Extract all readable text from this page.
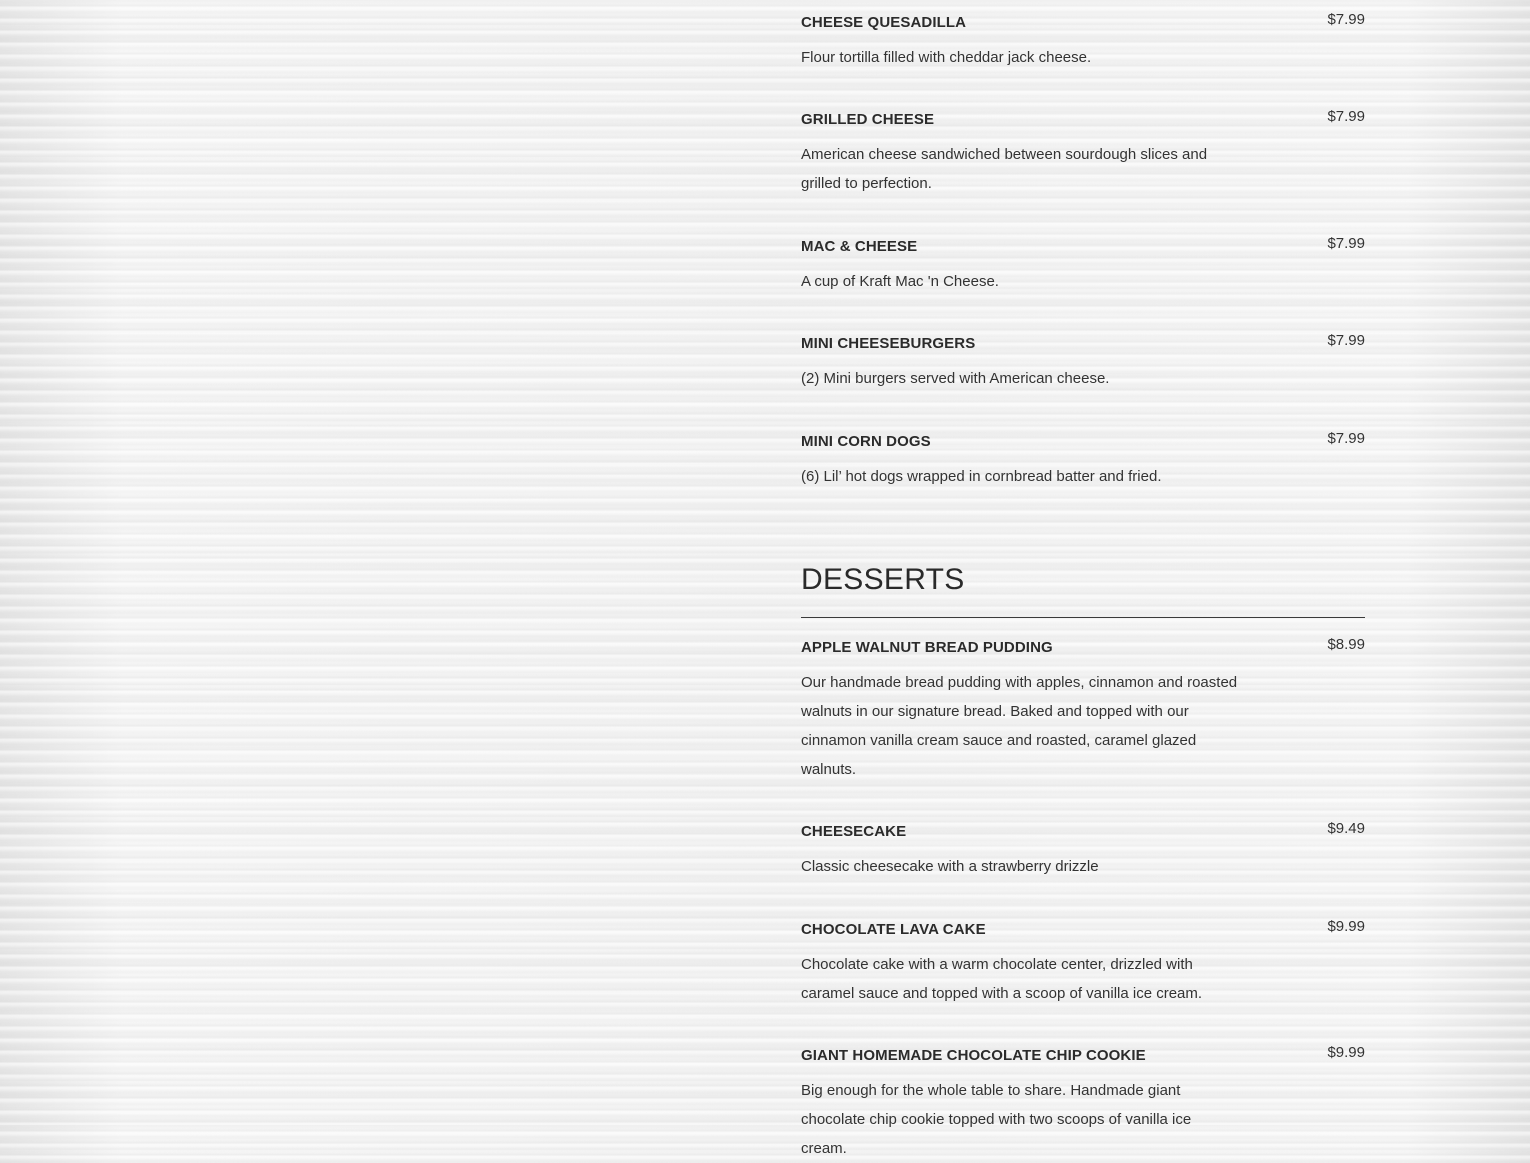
$7.99
CHEESE QUESADILLA

Flour tortilla filled with cheddar jack cheese.

$7.99
GRILLED CHEESE

American cheese sandwiched between sourdough slices and grilled to perfection.

$7.99
MAC & CHEESE

A cup of Kraft Mac 'n Cheese.

$7.99
MINI CHEESEBURGERS

(2) Mini burgers served with American cheese.

$7.99
MINI CORN DOGS

(6) Lil’ hot dogs wrapped in cornbread batter and fried.

DESSERTS
$8.99
APPLE WALNUT BREAD PUDDING

Our handmade bread pudding with apples, cinnamon and roasted walnuts in our signature bread. Baked and topped with our cinnamon vanilla cream sauce and roasted, caramel glazed walnuts.

$9.49
CHEESECAKE

Classic cheesecake with a strawberry drizzle

$9.99
CHOCOLATE LAVA CAKE

Chocolate cake with a warm chocolate center, drizzled with caramel sauce and topped with a scoop of vanilla ice cream.

$9.99
GIANT HOMEMADE CHOCOLATE CHIP COOKIE

Big enough for the whole table to share. Handmade giant chocolate chip cookie topped with two scoops of vanilla ice cream.
